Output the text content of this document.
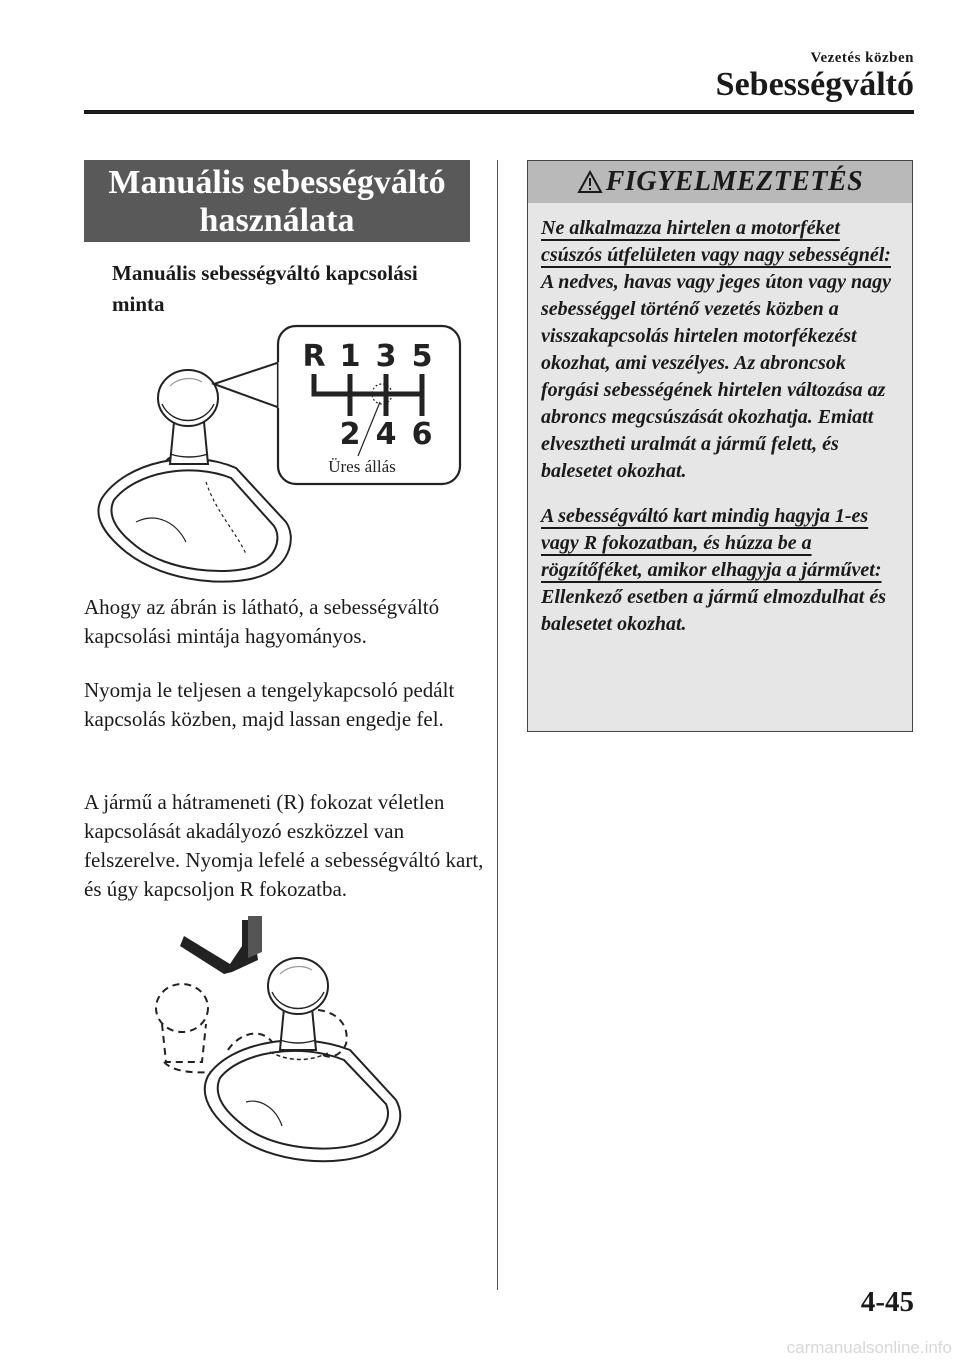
Vezetés közben
Sebességváltó
Manuális sebességváltó
használata
Manuális sebességváltó kapcsolási minta
R 1 3 5
2 4 6
Üres állás
Ahogy az ábrán is látható, a sebességváltó kapcsolási mintája hagyományos.
Nyomja le teljesen a tengelykapcsoló pedált kapcsolás közben, majd lassan engedje fel.
A jármű a hátrameneti (R) fokozat véletlen kapcsolását akadályozó eszközzel van felszerelve. Nyomja lefelé a sebességváltó kart, és úgy kapcsoljon R fokozatba.
FIGYELMEZTETÉS

Ne alkalmazza hirtelen a motorféket csúszós útfelületen vagy nagy sebességnél:

A nedves, havas vagy jeges úton vagy nagy sebességgel történő vezetés közben a visszakapcsolás hirtelen motorfékezést okozhat, ami veszélyes. Az abroncsok forgási sebességének hirtelen változása az abroncs megcsúszását okozhatja. Emiatt elvesztheti uralmát a jármű felett, és balesetet okozhat.

A sebességváltó kart mindig hagyja 1-es vagy R fokozatban, és húzza be a rögzítőféket, amikor elhagyja a járművet:

Ellenkező esetben a jármű elmozdulhat és balesetet okozhat.

4-45
carmanualsonline.info
